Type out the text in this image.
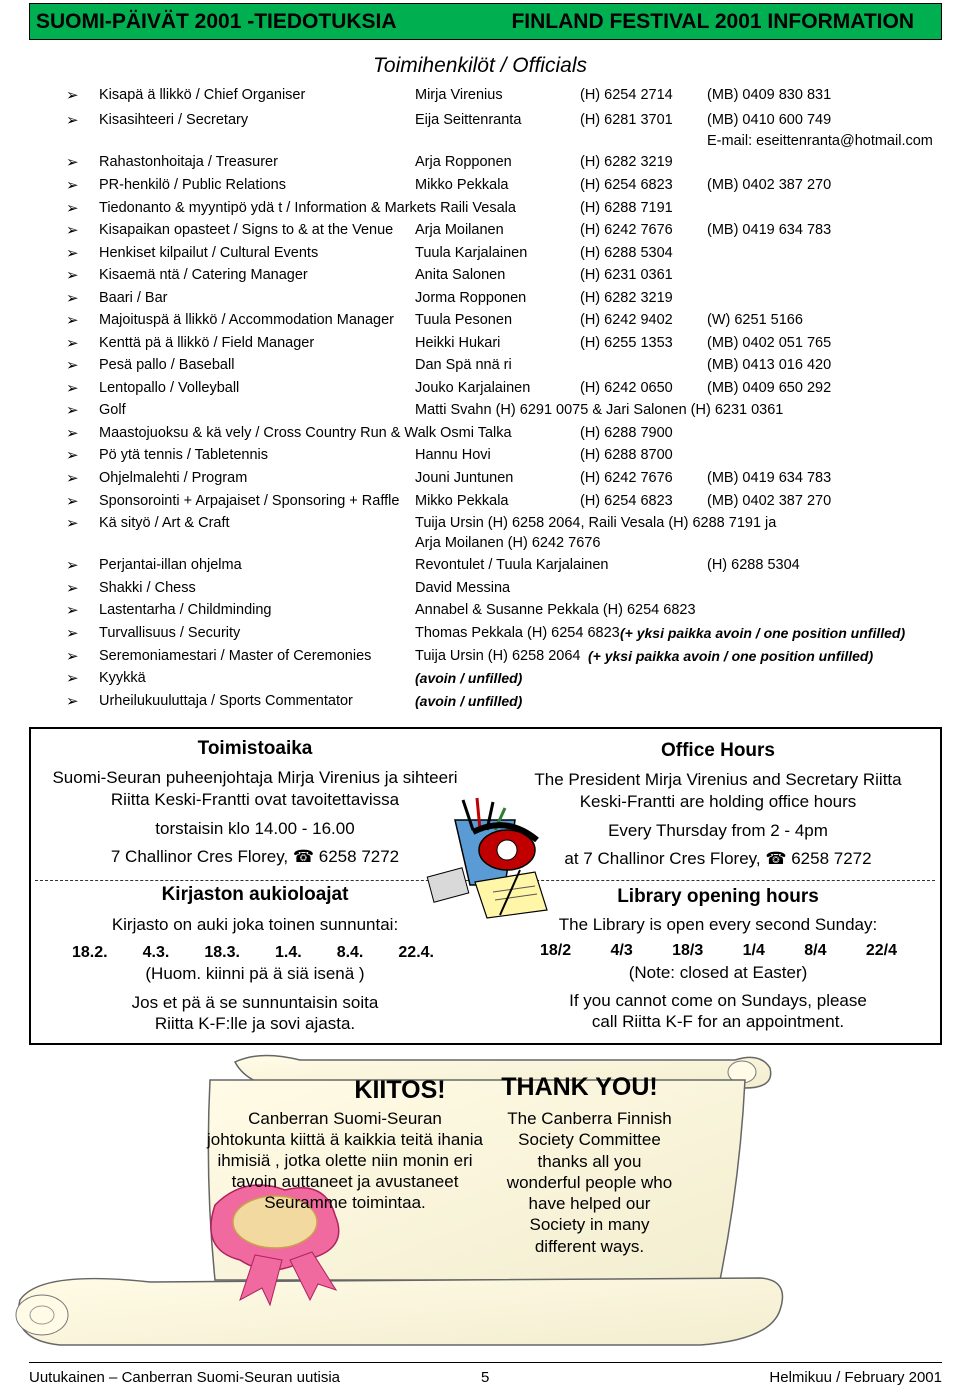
SUOMI-PÄIVÄT 2001 -TIEDOTUKSIA	FINLAND FESTIVAL 2001 INFORMATION
Toimihenkilöt / Officials
➢ Kisapä ä llikkö / Chief Organiser	Mirja Virenius	(H) 6254 2714 (MB) 0409 830 831
➢ Kisasihteeri / Secretary	Eija Seittenranta	(H) 6281 3701 (MB) 0410 600 749
E-mail: eseittenranta@hotmail.com
➢ Rahastonhoitaja / Treasurer	Arja Ropponen	(H) 6282 3219
➢ PR-henkilö / Public Relations	Mikko Pekkala	(H) 6254 6823 (MB) 0402 387 270
➢ Tiedonanto & myyntipö ydä t / Information & Markets Raili Vesala	(H) 6288 7191
➢ Kisapaikan opasteet / Signs to & at the Venue Arja Moilanen	(H) 6242 7676 (MB) 0419 634 783
➢ Henkiset kilpailut / Cultural Events	Tuula Karjalainen	(H) 6288 5304
➢ Kisaemä ntä / Catering Manager	Anita Salonen	(H) 6231 0361
➢ Baari / Bar	Jorma Ropponen	(H) 6282 3219
➢ Majoituspä ä llikkö / Accommodation Manager Tuula Pesonen	(H) 6242 9402 (W) 6251 5166
➢ Kenttä pä ä llikkö / Field Manager	Heikki Hukari	(H) 6255 1353 (MB) 0402 051 765
➢ Pesä pallo / Baseball	Dan Spä nnä ri	(MB) 0413 016 420
➢ Lentopallo / Volleyball	Jouko Karjalainen	(H) 6242 0650 (MB) 0409 650 292
➢ Golf	Matti Svahn (H) 6291 0075 & Jari Salonen (H) 6231 0361
➢ Maastojuoksu & kä vely / Cross Country Run & Walk Osmi Talka	(H) 6288 7900
➢ Pö ytä tennis / Tabletennis	Hannu Hovi	(H) 6288 8700
➢ Ohjelmalehti / Program	Jouni Juntunen	(H) 6242 7676 (MB) 0419 634 783
➢ Sponsorointi + Arpajaiset / Sponsoring + Raffle Mikko Pekkala	(H) 6254 6823 (MB) 0402 387 270
➢ Kä sityö / Art & Craft	Tuija Ursin (H) 6258 2064, Raili Vesala (H) 6288 7191 ja
Arja Moilanen (H) 6242 7676
➢ Perjantai-illan ohjelma	Revontulet / Tuula Karjalainen	(H) 6288 5304
➢ Shakki / Chess	David Messina
➢ Lastentarha / Childminding	Annabel & Susanne Pekkala (H) 6254 6823
➢ Turvallisuus / Security	Thomas Pekkala (H) 6254 6823 (+ yksi paikka avoin / one position unfilled)
➢ Seremoniamestari / Master of Ceremonies	Tuija Ursin (H) 6258 2064 (+ yksi paikka avoin / one position unfilled)
➢ Kyykkä	(avoin / unfilled)
➢ Urheilukuuluttaja / Sports Commentator	(avoin / unfilled)
Toimistoaika
Suomi-Seuran puheenjohtaja Mirja Virenius ja sihteeri
Riitta Keski-Frantti ovat tavoitettavissa
torstaisin klo 14.00 - 16.00
7 Challinor Cres Florey, ☎ 6258 7272
Office Hours
The President Mirja Virenius and Secretary Riitta
Keski-Frantti are holding office hours
Every Thursday from 2 - 4pm
at 7 Challinor Cres Florey, ☎ 6258 7272
Kirjaston aukioloajat
Kirjasto on auki joka toinen sunnuntai:
18.2. 4.3. 18.3. 1.4. 8.4. 22.4.
(Huom. kiinni pä ä siä isenä )
Jos et pä ä se sunnuntaisin soita
Riitta K-F:lle ja sovi ajasta.
Library opening hours
The Library is open every second Sunday:
18/2 4/3 18/3 1/4 8/4 22/4
(Note: closed at Easter)
If you cannot come on Sundays, please
call Riitta K-F for an appointment.
KIITOS!
Canberran Suomi-Seuran
johtokunta kiittä ä kaikkia teitä ihania
ihmisiä , jotka olette niin monin eri
tavoin auttaneet ja avustaneet
Seuramme toimintaa.
THANK YOU!
The Canberra Finnish
Society Committee
thanks all you
wonderful people who
have helped our
Society in many
different ways.
Uutukainen – Canberran Suomi-Seuran uutisia	5	Helmikuu / February 2001
